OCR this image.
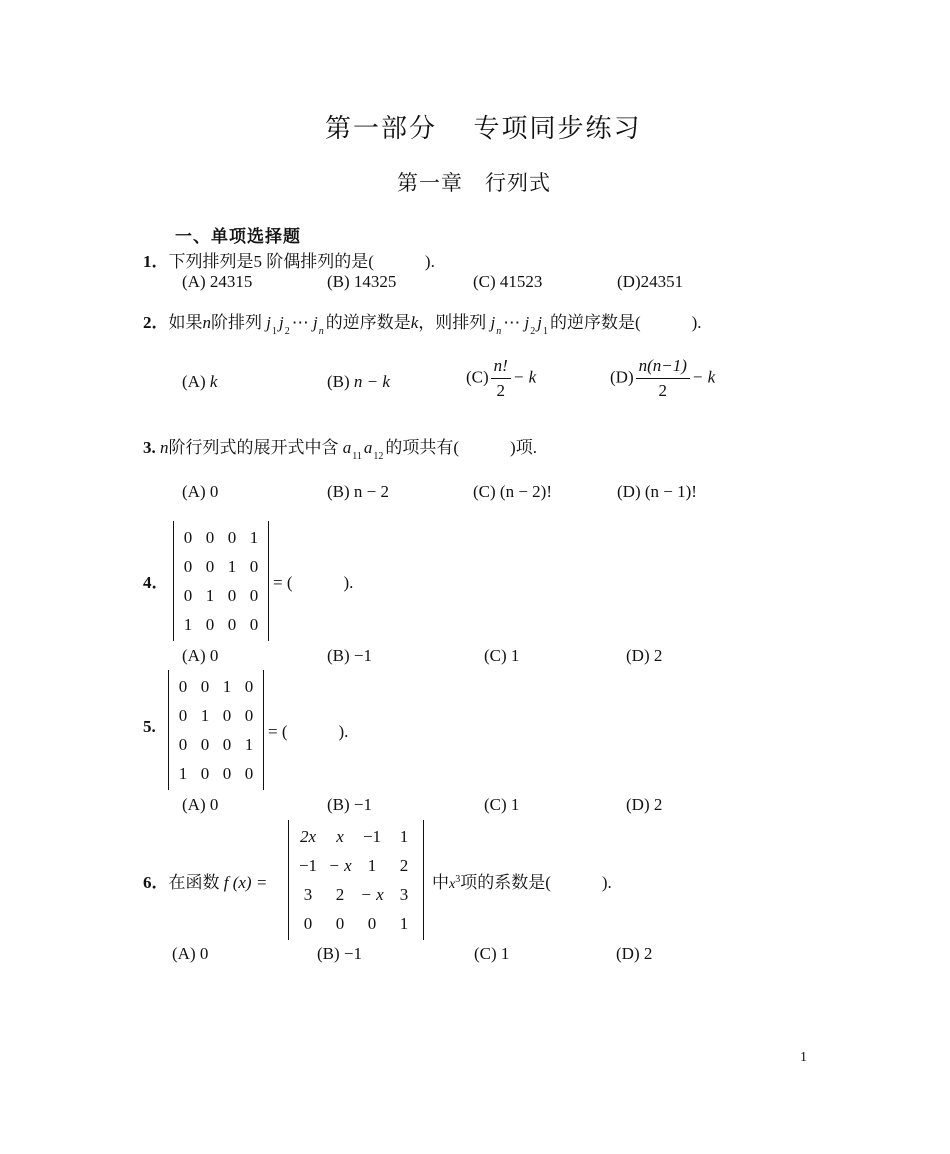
第一部分　 专项同步练习
第一章　行列式
一、单项选择题
1．下列排列是5 阶偶排列的是(　　　).
(A) 24315	(B) 14325	(C) 41523	(D)24351
2．如果n阶排列 $j_1$ $j_2$ ⋯ $j_n$ 的逆序数是k，则排列 $j_n$ ⋯ $j_2$ $j_1$ 的逆序数是(　　　).
(A) k	(B) n − k	$(C) \frac{n!}{2} - k$	$(D) \frac{n(n-1)}{2} - k$
3. n阶行列式的展开式中含 $a_{11}$ $a_{12}$ 的项共有(　　　)项.
(A) 0	(B) n − 2	(C) (n − 2)!	(D) (n − 1)!
4．
0	0	0	1
0	0	1	0
0	1	0	0
1	0	0	0
= (　　　).
(A) 0	(B) −1	(C) 1	(D) 2
5.
0	0	1	0
0	1	0	0
0	0	0	1
1	0	0	0
= (　　　).
(A) 0	(B) −1	(C) 1	(D) 2
6．在函数 f (x) =
2x	x	−1	1
−1	− x	1	2
3	2	− x	3
0	0	0	1
中$x^3$项的系数是(　　　).
(A) 0	(B) −1	(C) 1	(D) 2
1
